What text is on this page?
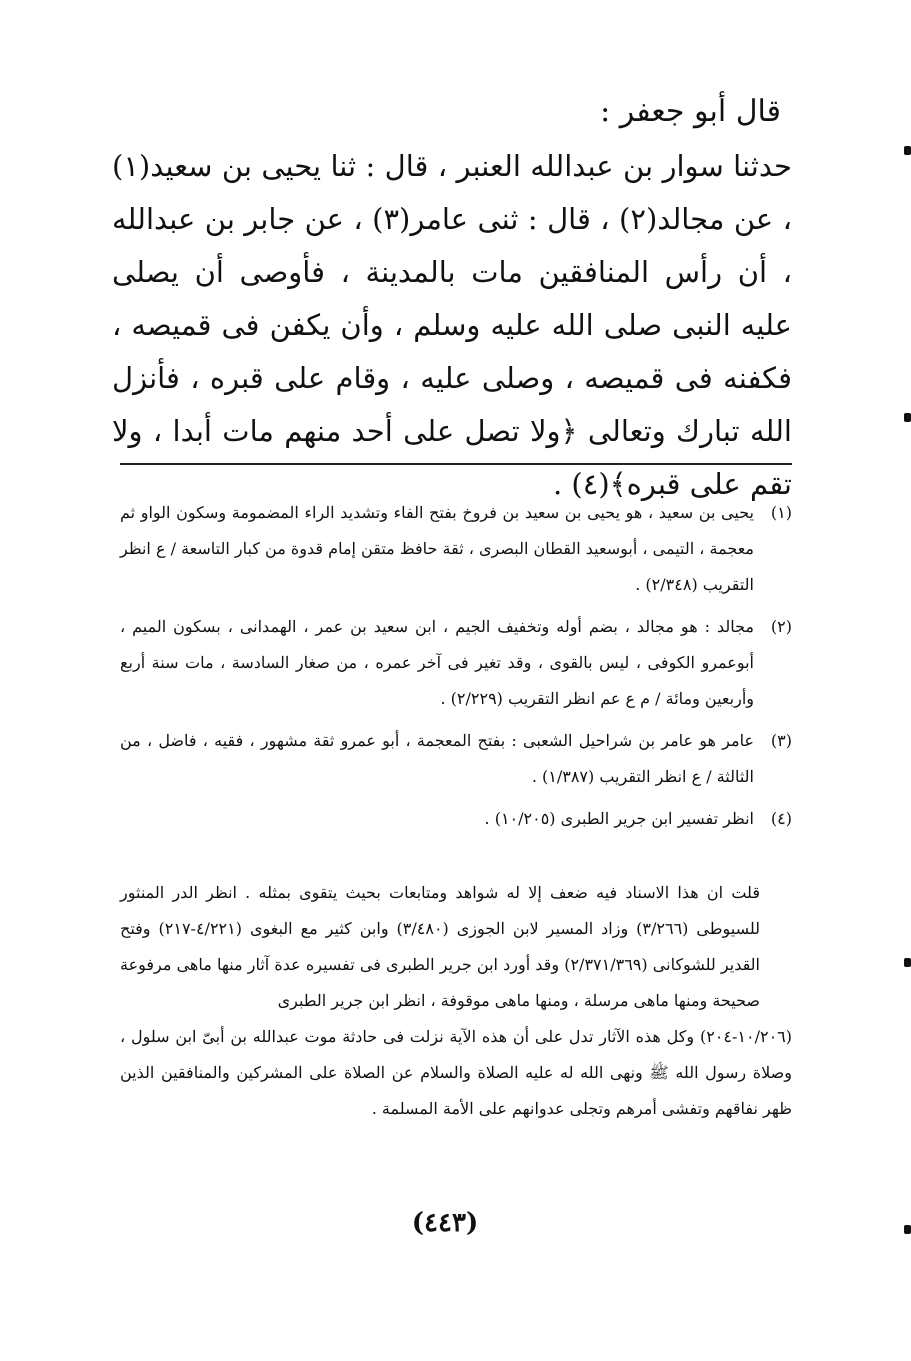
قال أبو جعفر :

حدثنا سوار بن عبدالله العنبر ، قال : ثنا يحيى بن سعيد(١) ، عن مجالد(٢) ، قال : ثنى عامر(٣) ، عن جابر بن عبدالله ، أن رأس المنافقين مات بالمدينة ، فأوصى أن يصلى عليه النبى صلى الله عليه وسلم ، وأن يكفن فى قميصه ، فكفنه فى قميصه ، وصلى عليه ، وقام على قبره ، فأنزل الله تبارك وتعالى ﴿ولا تصل على أحد منهم مات أبدا ، ولا تقم على قبره﴾(٤) .

(١)
يحيى بن سعيد ، هو يحيى بن سعيد بن فروخ بفتح الفاء وتشديد الراء المضمومة وسكون الواو ثم معجمة ، التيمى ، أبوسعيد القطان البصرى ، ثقة حافظ متقن إمام قدوة من كبار التاسعة / ع انظر التقريب (٢/٣٤٨) .
(٢)
مجالد : هو مجالد ، بضم أوله وتخفيف الجيم ، ابن سعيد بن عمر ، الهمدانى ، بسكون الميم ، أبوعمرو الكوفى ، ليس بالقوى ، وقد تغير فى آخر عمره ، من صغار السادسة ، مات سنة أربع وأربعين ومائة / م ع عم انظر التقريب (٢/٢٢٩) .
(٣)
عامر هو عامر بن شراحيل الشعبى : بفتح المعجمة ، أبو عمرو ثقة مشهور ، فقيه ، فاضل ، من الثالثة / ع انظر التقريب (١/٣٨٧) .
(٤)
انظر تفسير ابن جرير الطبرى (١٠/٢٠٥) .

قلت ان هذا الاسناد فيه ضعف إلا له شواهد ومتابعات بحيث يتقوى بمثله . انظر الدر المنثور للسيوطى (٣/٢٦٦) وزاد المسير لابن الجوزى (٣/٤٨٠) وابن كثير مع البغوى (٤/٢٢١-٢١٧) وفتح القدير للشوكانى (٢/٣٧١/٣٦٩) وقد أورد ابن جرير الطبرى فى تفسيره عدة آثار منها ماهى مرفوعة صحيحة ومنها ماهى مرسلة ، ومنها ماهى موقوفة ، انظر ابن جرير الطبرى

(١٠/٢٠٦-٢٠٤) وكل هذه الآثار تدل على أن هذه الآية نزلت فى حادثة موت عبدالله بن أبىّ ابن سلول ، وصلاة رسول الله ﷺ ونهى الله له عليه الصلاة والسلام عن الصلاة على المشركين والمنافقين الذين ظهر نفاقهم وتفشى أمرهم وتجلى عدوانهم على الأمة المسلمة .

(٤٤٣)
